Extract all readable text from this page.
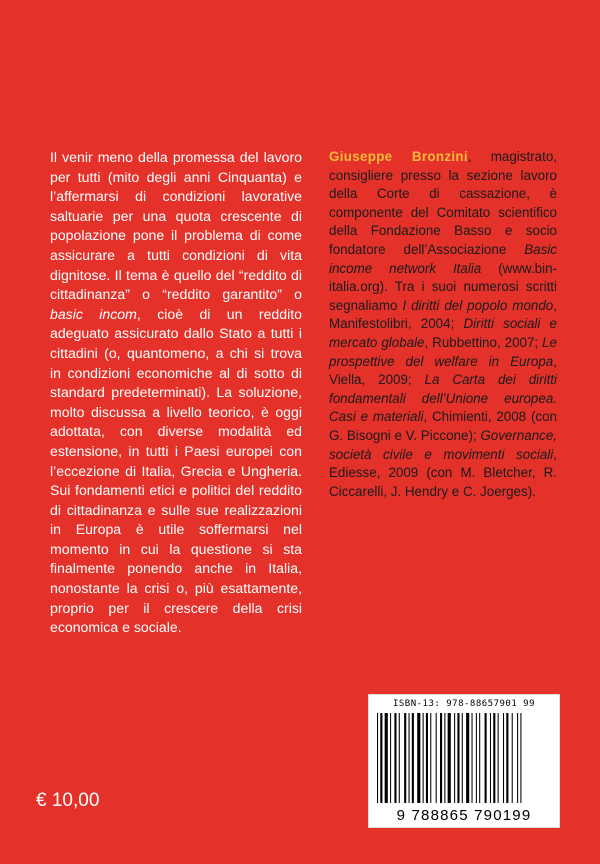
Il venir meno della promessa del lavoro per tutti (mito degli anni Cinquanta) e l’affermarsi di condizioni lavorative saltuarie per una quota crescente di popolazione pone il problema di come assicurare a tutti condizioni di vita dignitose. Il tema è quello del “reddito di cittadinanza” o “reddito garantito” o basic incom, cioè di un reddito adeguato assicurato dallo Stato a tutti i cittadini (o, quantomeno, a chi si trova in condizioni economiche al di sotto di standard predeterminati). La soluzione, molto discussa a livello teorico, è oggi adottata, con diverse modalità ed estensione, in tutti i Paesi europei con l’eccezione di Italia, Grecia e Ungheria. Sui fondamenti etici e politici del reddito di cittadinanza e sulle sue realizzazioni in Europa è utile soffermarsi nel momento in cui la questione si sta finalmente ponendo anche in Italia, nonostante la crisi o, più esattamente, proprio per il crescere della crisi economica e sociale.

Giuseppe Bronzini, magistrato, consigliere presso la sezione lavoro della Corte di cassazione, è componente del Comitato scientifico della Fondazione Basso e socio fondatore dell’Associazione Basic income network Italia (www.bin-italia.org). Tra i suoi numerosi scritti segnaliamo I diritti del popolo mondo, Manifestolibri, 2004; Diritti sociali e mercato globale, Rubbettino, 2007; Le prospettive del welfare in Europa, Viella, 2009; La Carta dei diritti fondamentali dell’Unione europea. Casi e materiali, Chimienti, 2008 (con G. Bisogni e V. Piccone); Governance, società civile e movimenti sociali, Ediesse, 2009 (con M. Bletcher, R. Ciccarelli, J. Hendry e C. Joerges).

€ 10,00
ISBN-13: 978-88657901 99
9 788865 790199
